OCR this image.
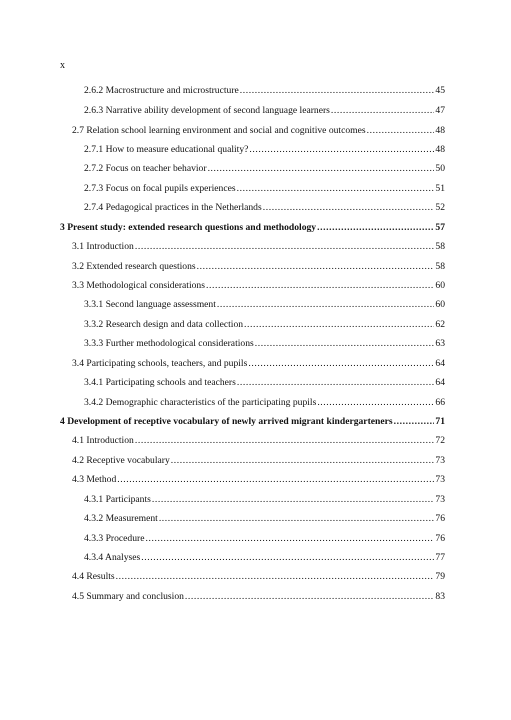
x
2.6.2 Macrostructure and microstructure .....	45
2.6.3 Narrative ability development of second language learners .....	47
2.7 Relation school learning environment and social and cognitive outcomes .....	48
2.7.1 How to measure educational quality? .....	48
2.7.2 Focus on teacher behavior .....	50
2.7.3 Focus on focal pupils experiences .....	51
2.7.4 Pedagogical practices in the Netherlands .....	52
3 Present study: extended research questions and methodology .....	57
3.1 Introduction .....	58
3.2 Extended research questions .....	58
3.3 Methodological considerations .....	60
3.3.1 Second language assessment .....	60
3.3.2 Research design and data collection .....	62
3.3.3 Further methodological considerations .....	63
3.4 Participating schools, teachers, and pupils .....	64
3.4.1 Participating schools and teachers .....	64
3.4.2 Demographic characteristics of the participating pupils .....	66
4 Development of receptive vocabulary of newly arrived migrant kindergarteners .....	71
4.1 Introduction .....	72
4.2 Receptive vocabulary .....	73
4.3 Method .....	73
4.3.1 Participants .....	73
4.3.2 Measurement .....	76
4.3.3 Procedure .....	76
4.3.4 Analyses .....	77
4.4 Results .....	79
4.5 Summary and conclusion .....	83
